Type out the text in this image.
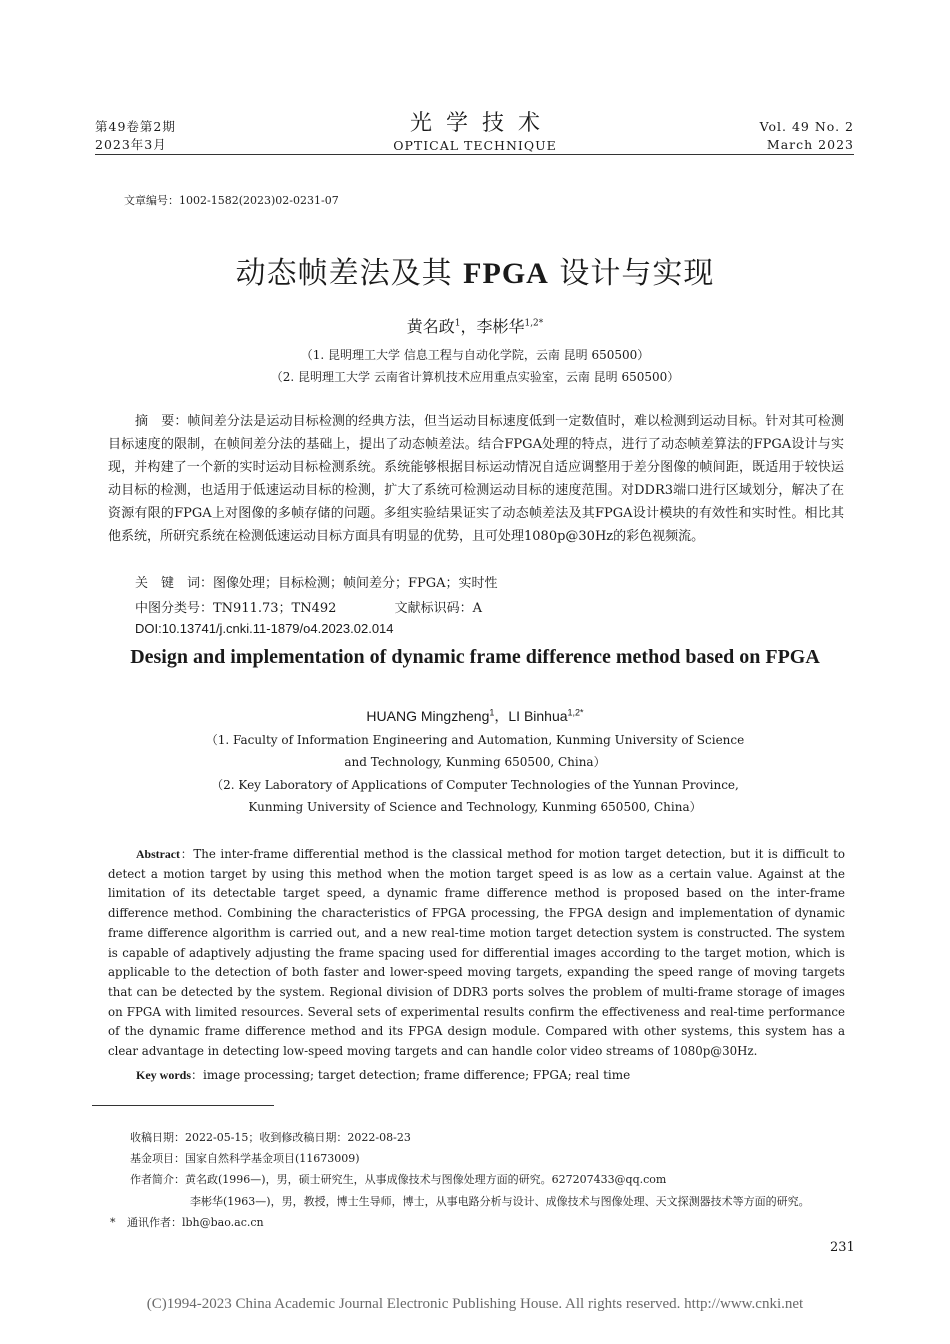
第49卷第2期
2023年3月
光学技术
OPTICAL TECHNIQUE
Vol. 49 No. 2
March 2023
文章编号：1002-1582(2023)02-0231-07
动态帧差法及其 FPGA 设计与实现
黄名政$^1$，李彬华$^{1,2*}$
（1. 昆明理工大学 信息工程与自动化学院，云南 昆明 650500）
（2. 昆明理工大学 云南省计算机技术应用重点实验室，云南 昆明 650500）
摘　要：帧间差分法是运动目标检测的经典方法，但当运动目标速度低到一定数值时，难以检测到运动目标。针对其可检测目标速度的限制，在帧间差分法的基础上，提出了动态帧差法。结合FPGA处理的特点，进行了动态帧差算法的FPGA设计与实现，并构建了一个新的实时运动目标检测系统。系统能够根据目标运动情况自适应调整用于差分图像的帧间距，既适用于较快运动目标的检测，也适用于低速运动目标的检测，扩大了系统可检测运动目标的速度范围。对DDR3端口进行区域划分，解决了在资源有限的FPGA上对图像的多帧存储的问题。多组实验结果证实了动态帧差法及其FPGA设计模块的有效性和实时性。相比其他系统，所研究系统在检测低速运动目标方面具有明显的优势，且可处理1080p@30Hz的彩色视频流。
关　键　词：图像处理；目标检测；帧间差分；FPGA；实时性
中图分类号：TN911.73；TN492	文献标识码：A
DOI:10.13741/j.cnki.11-1879/o4.2023.02.014
Design and implementation of dynamic frame difference method based on FPGA
HUANG Mingzheng$^1$，LI Binhua$^{1,2*}$
（1. Faculty of Information Engineering and Automation, Kunming University of Science
and Technology, Kunming 650500, China）
（2. Key Laboratory of Applications of Computer Technologies of the Yunnan Province,
Kunming University of Science and Technology, Kunming 650500, China）
Abstract：The inter-frame differential method is the classical method for motion target detection, but it is difficult to detect a motion target by using this method when the motion target speed is as low as a certain value. Against at the limitation of its detectable target speed, a dynamic frame difference method is proposed based on the inter-frame difference method. Combining the characteristics of FPGA processing, the FPGA design and implementation of dynamic frame difference algorithm is carried out, and a new real-time motion target detection system is constructed. The system is capable of adaptively adjusting the frame spacing used for differential images according to the target motion, which is applicable to the detection of both faster and lower-speed moving targets, expanding the speed range of moving targets that can be detected by the system. Regional division of DDR3 ports solves the problem of multi-frame storage of images on FPGA with limited resources. Several sets of experimental results confirm the effectiveness and real-time performance of the dynamic frame difference method and its FPGA design module. Compared with other systems, this system has a clear advantage in detecting low-speed moving targets and can handle color video streams of 1080p@30Hz.
Key words：image processing; target detection; frame difference; FPGA; real time
收稿日期：2022-05-15；收到修改稿日期：2022-08-23
基金项目：国家自然科学基金项目(11673009)
作者简介：黄名政(1996—)，男，硕士研究生，从事成像技术与图像处理方面的研究。627207433@qq.com
李彬华(1963—)，男，教授，博士生导师，博士，从事电路分析与设计、成像技术与图像处理、天文探测器技术等方面的研究。
* 通讯作者：lbh@bao.ac.cn
231
(C)1994-2023 China Academic Journal Electronic Publishing House. All rights reserved. http://www.cnki.net
